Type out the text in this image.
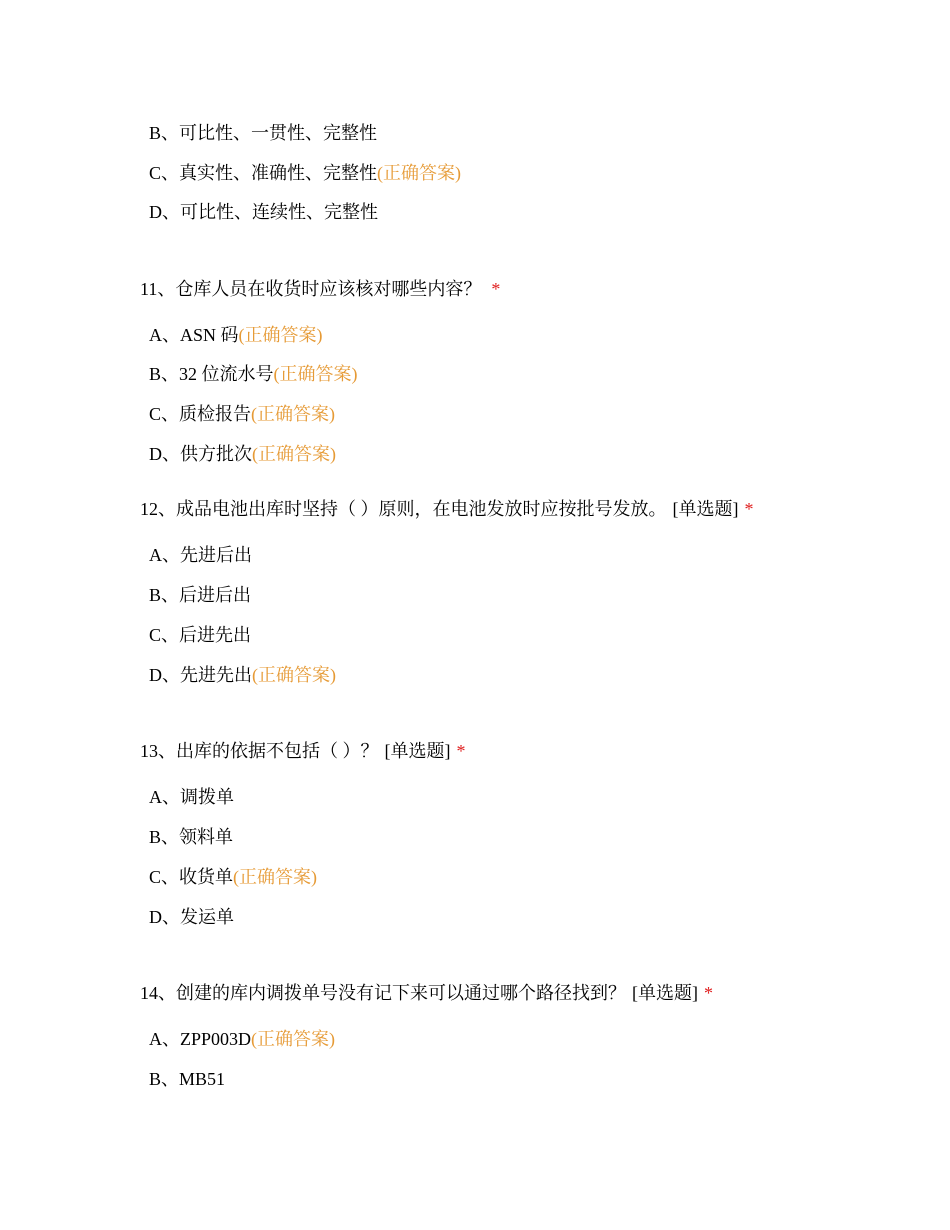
B、可比性、一贯性、完整性
C、真实性、准确性、完整性(正确答案)
D、可比性、连续性、完整性
11、仓库人员在收货时应该核对哪些内容？ *
A、ASN 码(正确答案)
B、32 位流水号(正确答案)
C、质检报告(正确答案)
D、供方批次(正确答案)
12、成品电池出库时坚持（ ）原则，在电池发放时应按批号发放。 [单选题] *
A、先进后出
B、后进后出
C、后进先出
D、先进先出(正确答案)
13、出库的依据不包括（ ）？ [单选题] *
A、调拨单
B、领料单
C、收货单(正确答案)
D、发运单
14、创建的库内调拨单号没有记下来可以通过哪个路径找到？ [单选题] *
A、ZPP003D(正确答案)
B、MB51
